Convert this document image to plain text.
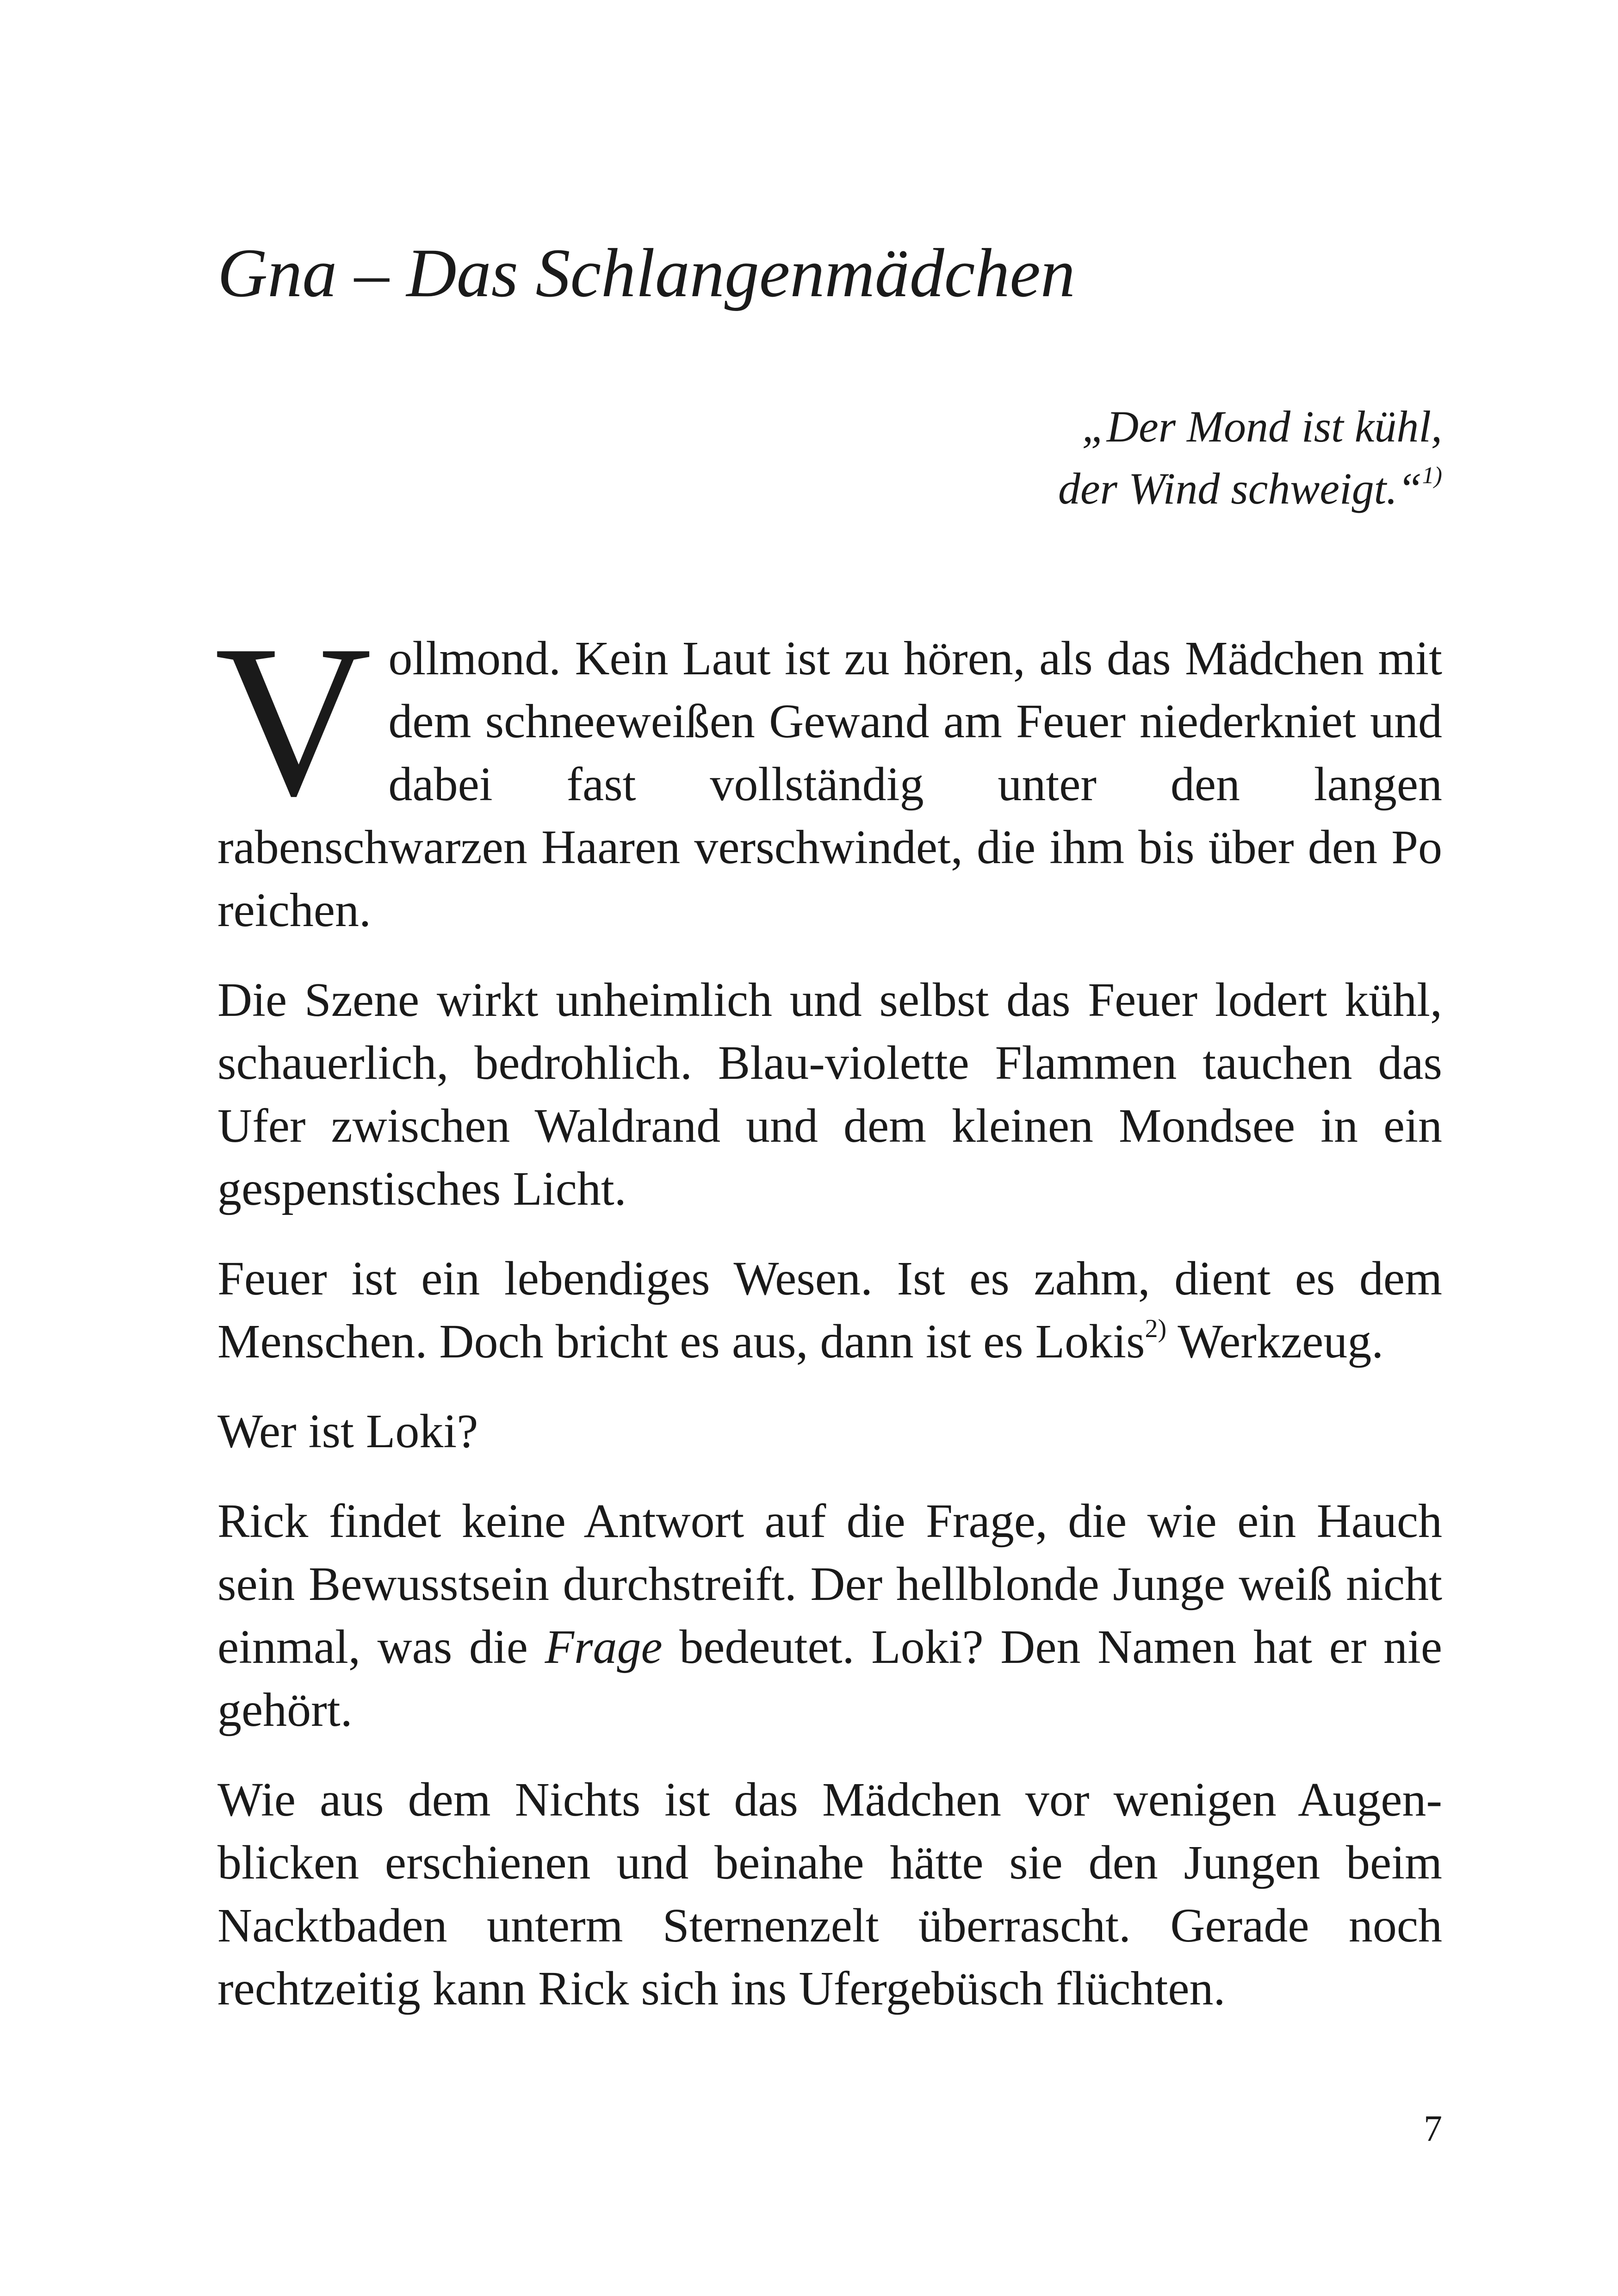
Gna – Das Schlangenmädchen
„Der Mond ist kühl,
der Wind schweigt.“$^{1)}$

Vollmond. Kein Laut ist zu hören, als das Mädchen mit dem schneeweißen Gewand am Feuer niederkniet und dabei fast vollständig unter den langen rabenschwarzen Haaren verschwindet, die ihm bis über den Po reichen.

Die Szene wirkt unheimlich und selbst das Feuer lodert kühl, schauerlich, bedrohlich. Blau-violette Flammen tauchen das Ufer zwischen Waldrand und dem kleinen Mondsee in ein gespenstisches Licht.

Feuer ist ein lebendiges Wesen. Ist es zahm, dient es dem Menschen. Doch bricht es aus, dann ist es Lokis$^{2)}$ Werkzeug.

Wer ist Loki?

Rick findet keine Antwort auf die Frage, die wie ein Hauch sein Bewusstsein durchstreift. Der hellblonde Junge weiß nicht einmal, was die Frage bedeutet. Loki? Den Namen hat er nie gehört.

Wie aus dem Nichts ist das Mädchen vor wenigen Augenblicken erschienen und beinahe hätte sie den Jungen beim Nacktbaden unterm Sternenzelt überrascht. Gerade noch rechtzeitig kann Rick sich ins Ufergebüsch flüchten.

7
